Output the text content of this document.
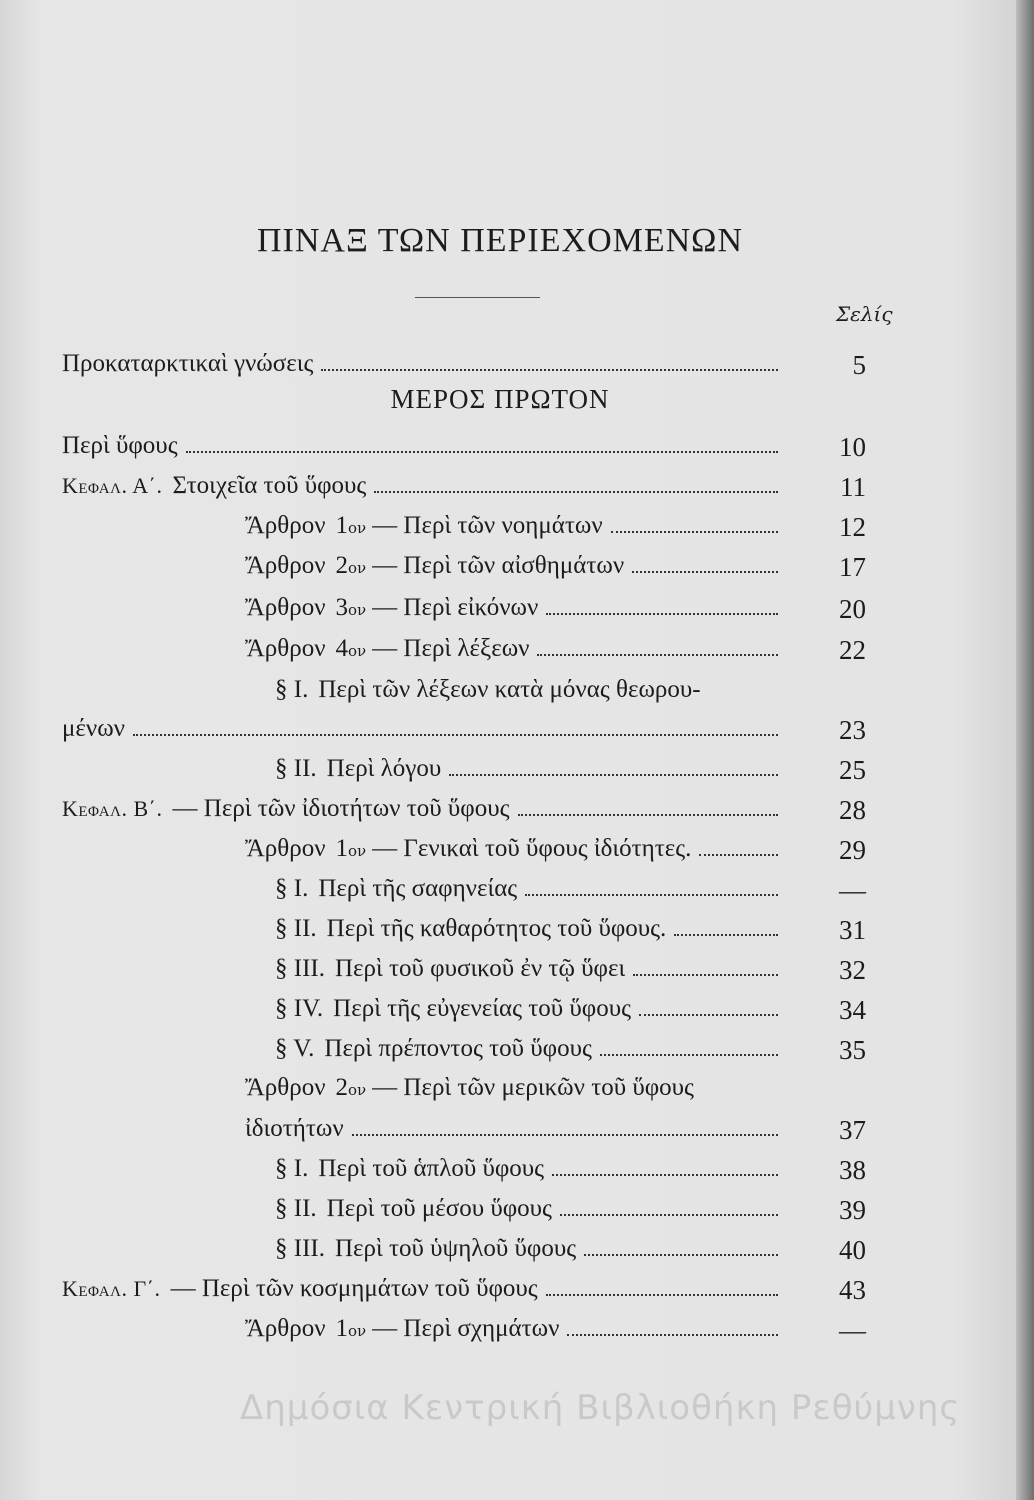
ΠΙΝΑΞ ΤΩΝ ΠΕΡΙΕΧΟΜΕΝΩΝ
Σελίς
ΜΕΡΟΣ ΠΡΩΤΟΝ
Προκαταρκτικαὶ γνώσεις	5
Περὶ ὕφους	10
Κεφαλ. Α΄. Στοιχεῖα τοῦ ὕφους	11
Ἄρθρον 1 ον — Περὶ τῶν νοημάτων	12
Ἄρθρον 2 ον — Περὶ τῶν αἰσθημάτων	17
Ἄρθρον 3 ον — Περὶ εἰκόνων	20
Ἄρθρον 4 ον — Περὶ λέξεων	22
§ I. Περὶ τῶν λέξεων κατὰ μόνας θεωρου-
μένων	23
§ II. Περὶ λόγου	25
Κεφαλ. Β΄. — Περὶ τῶν ἰδιοτήτων τοῦ ὕφους	28
Ἄρθρον 1 ον — Γενικαὶ τοῦ ὕφους ἰδιότητες.	29
§ I. Περὶ τῆς σαφηνείας	—
§ II. Περὶ τῆς καθαρότητος τοῦ ὕφους.	31
§ III. Περὶ τοῦ φυσικοῦ ἐν τῷ ὕφει	32
§ IV. Περὶ τῆς εὐγενείας τοῦ ὕφους	34
§ V. Περὶ πρέποντος τοῦ ὕφους	35
Ἄρθρον 2 ον — Περὶ τῶν μερικῶν τοῦ ὕφους
ἰδιοτήτων	37
§ I. Περὶ τοῦ ἁπλοῦ ὕφους	38
§ II. Περὶ τοῦ μέσου ὕφους	39
§ III. Περὶ τοῦ ὑψηλοῦ ὕφους	40
Κεφαλ. Γ΄. — Περὶ τῶν κοσμημάτων τοῦ ὕφους	43
Ἄρθρον 1 ον — Περὶ σχημάτων	—
Δημόσια Κεντρική Βιβλιοθήκη Ρεθύμνης
